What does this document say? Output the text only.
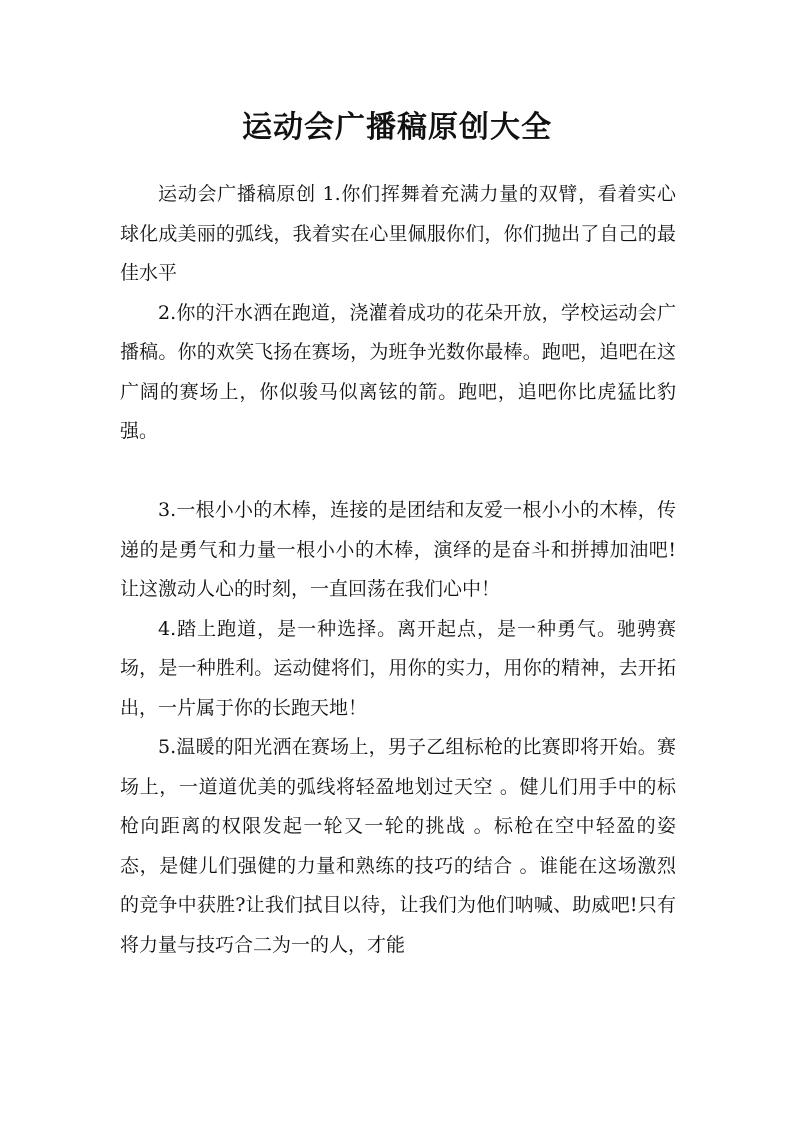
运动会广播稿原创大全

运动会广播稿原创 1.你们挥舞着充满力量的双臂，看着实心球化成美丽的弧线，我着实在心里佩服你们，你们抛出了自己的最佳水平

2.你的汗水洒在跑道，浇灌着成功的花朵开放，学校运动会广播稿。你的欢笑飞扬在赛场，为班争光数你最棒。跑吧，追吧在这广阔的赛场上，你似骏马似离铉的箭。跑吧，追吧你比虎猛比豹强。

3.一根小小的木棒，连接的是团结和友爱一根小小的木棒，传递的是勇气和力量一根小小的木棒，演绎的是奋斗和拼搏加油吧!让这激动人心的时刻，一直回荡在我们心中！

4.踏上跑道，是一种选择。离开起点，是一种勇气。驰骋赛场，是一种胜利。运动健将们，用你的实力，用你的精神，去开拓出，一片属于你的长跑天地！

5.温暖的阳光洒在赛场上，男子乙组标枪的比赛即将开始。赛场上，一道道优美的弧线将轻盈地划过天空 。健儿们用手中的标枪向距离的权限发起一轮又一轮的挑战 。标枪在空中轻盈的姿态，是健儿们强健的力量和熟练的技巧的结合 。谁能在这场激烈的竞争中获胜?让我们拭目以待，让我们为他们呐喊、助威吧!只有将力量与技巧合二为一的人，才能
